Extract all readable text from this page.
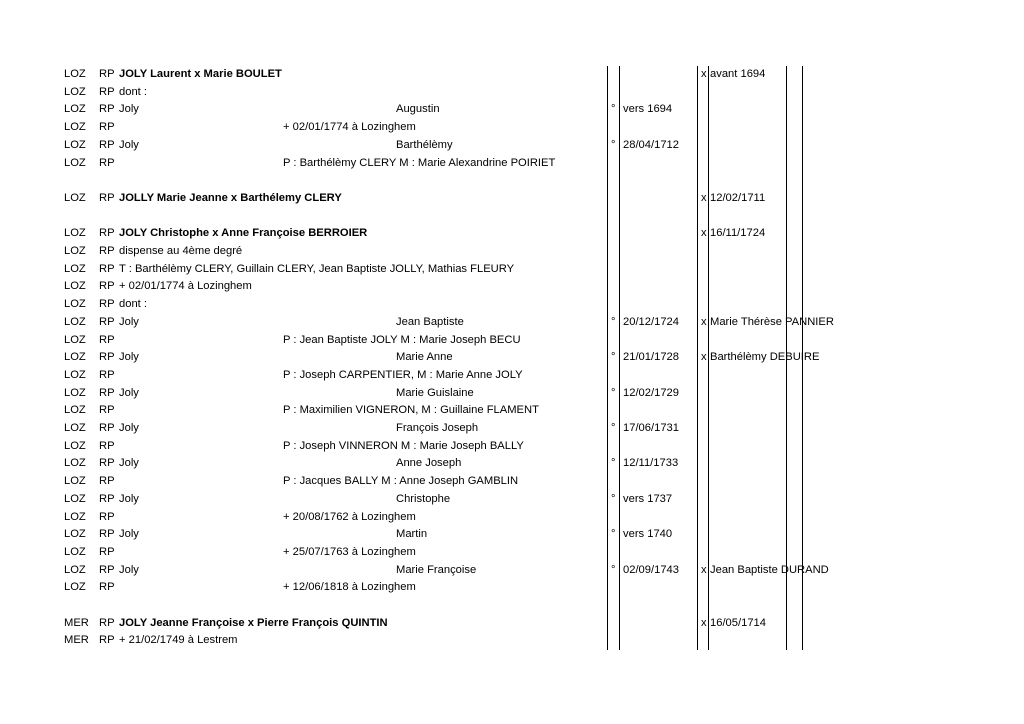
LOZ RP JOLY Laurent x Marie BOULET	x avant 1694
LOZ RP dont :
LOZ RP Joly	Augustin	° vers 1694
LOZ RP	+ 02/01/1774 à Lozinghem
LOZ RP Joly	Barthélèmy	° 28/04/1712
LOZ RP	P : Barthélèmy CLERY M : Marie Alexandrine POIRIET
LOZ RP JOLLY Marie Jeanne x Barthélemy CLERY	x 12/02/1711
LOZ RP JOLY Christophe x Anne Françoise BERROIER	x 16/11/1724
LOZ RP dispense au 4ème degré
LOZ RP T : Barthélèmy CLERY, Guillain CLERY, Jean Baptiste JOLLY, Mathias FLEURY
LOZ RP + 02/01/1774 à Lozinghem
LOZ RP dont :
LOZ RP Joly	Jean Baptiste	° 20/12/1724 x Marie Thérèse PANNIER
LOZ RP	P : Jean Baptiste JOLY M : Marie Joseph BECU
LOZ RP Joly	Marie Anne	° 21/01/1728 x Barthélèmy DEBUIRE
LOZ RP	P : Joseph CARPENTIER, M : Marie Anne JOLY
LOZ RP Joly	Marie Guislaine	° 12/02/1729
LOZ RP	P : Maximilien VIGNERON, M : Guillaine FLAMENT
LOZ RP Joly	François Joseph	° 17/06/1731
LOZ RP	P : Joseph VINNERON M : Marie Joseph BALLY
LOZ RP Joly	Anne Joseph	° 12/11/1733
LOZ RP	P : Jacques BALLY M : Anne Joseph GAMBLIN
LOZ RP Joly	Christophe	° vers 1737
LOZ RP	+ 20/08/1762 à Lozinghem
LOZ RP Joly	Martin	° vers 1740
LOZ RP	+ 25/07/1763 à Lozinghem
LOZ RP Joly	Marie Françoise	° 02/09/1743 x Jean Baptiste DURAND
LOZ RP	+ 12/06/1818 à Lozinghem
MER RP JOLY Jeanne Françoise x Pierre François QUINTIN	x 16/05/1714
MER RP + 21/02/1749 à Lestrem
